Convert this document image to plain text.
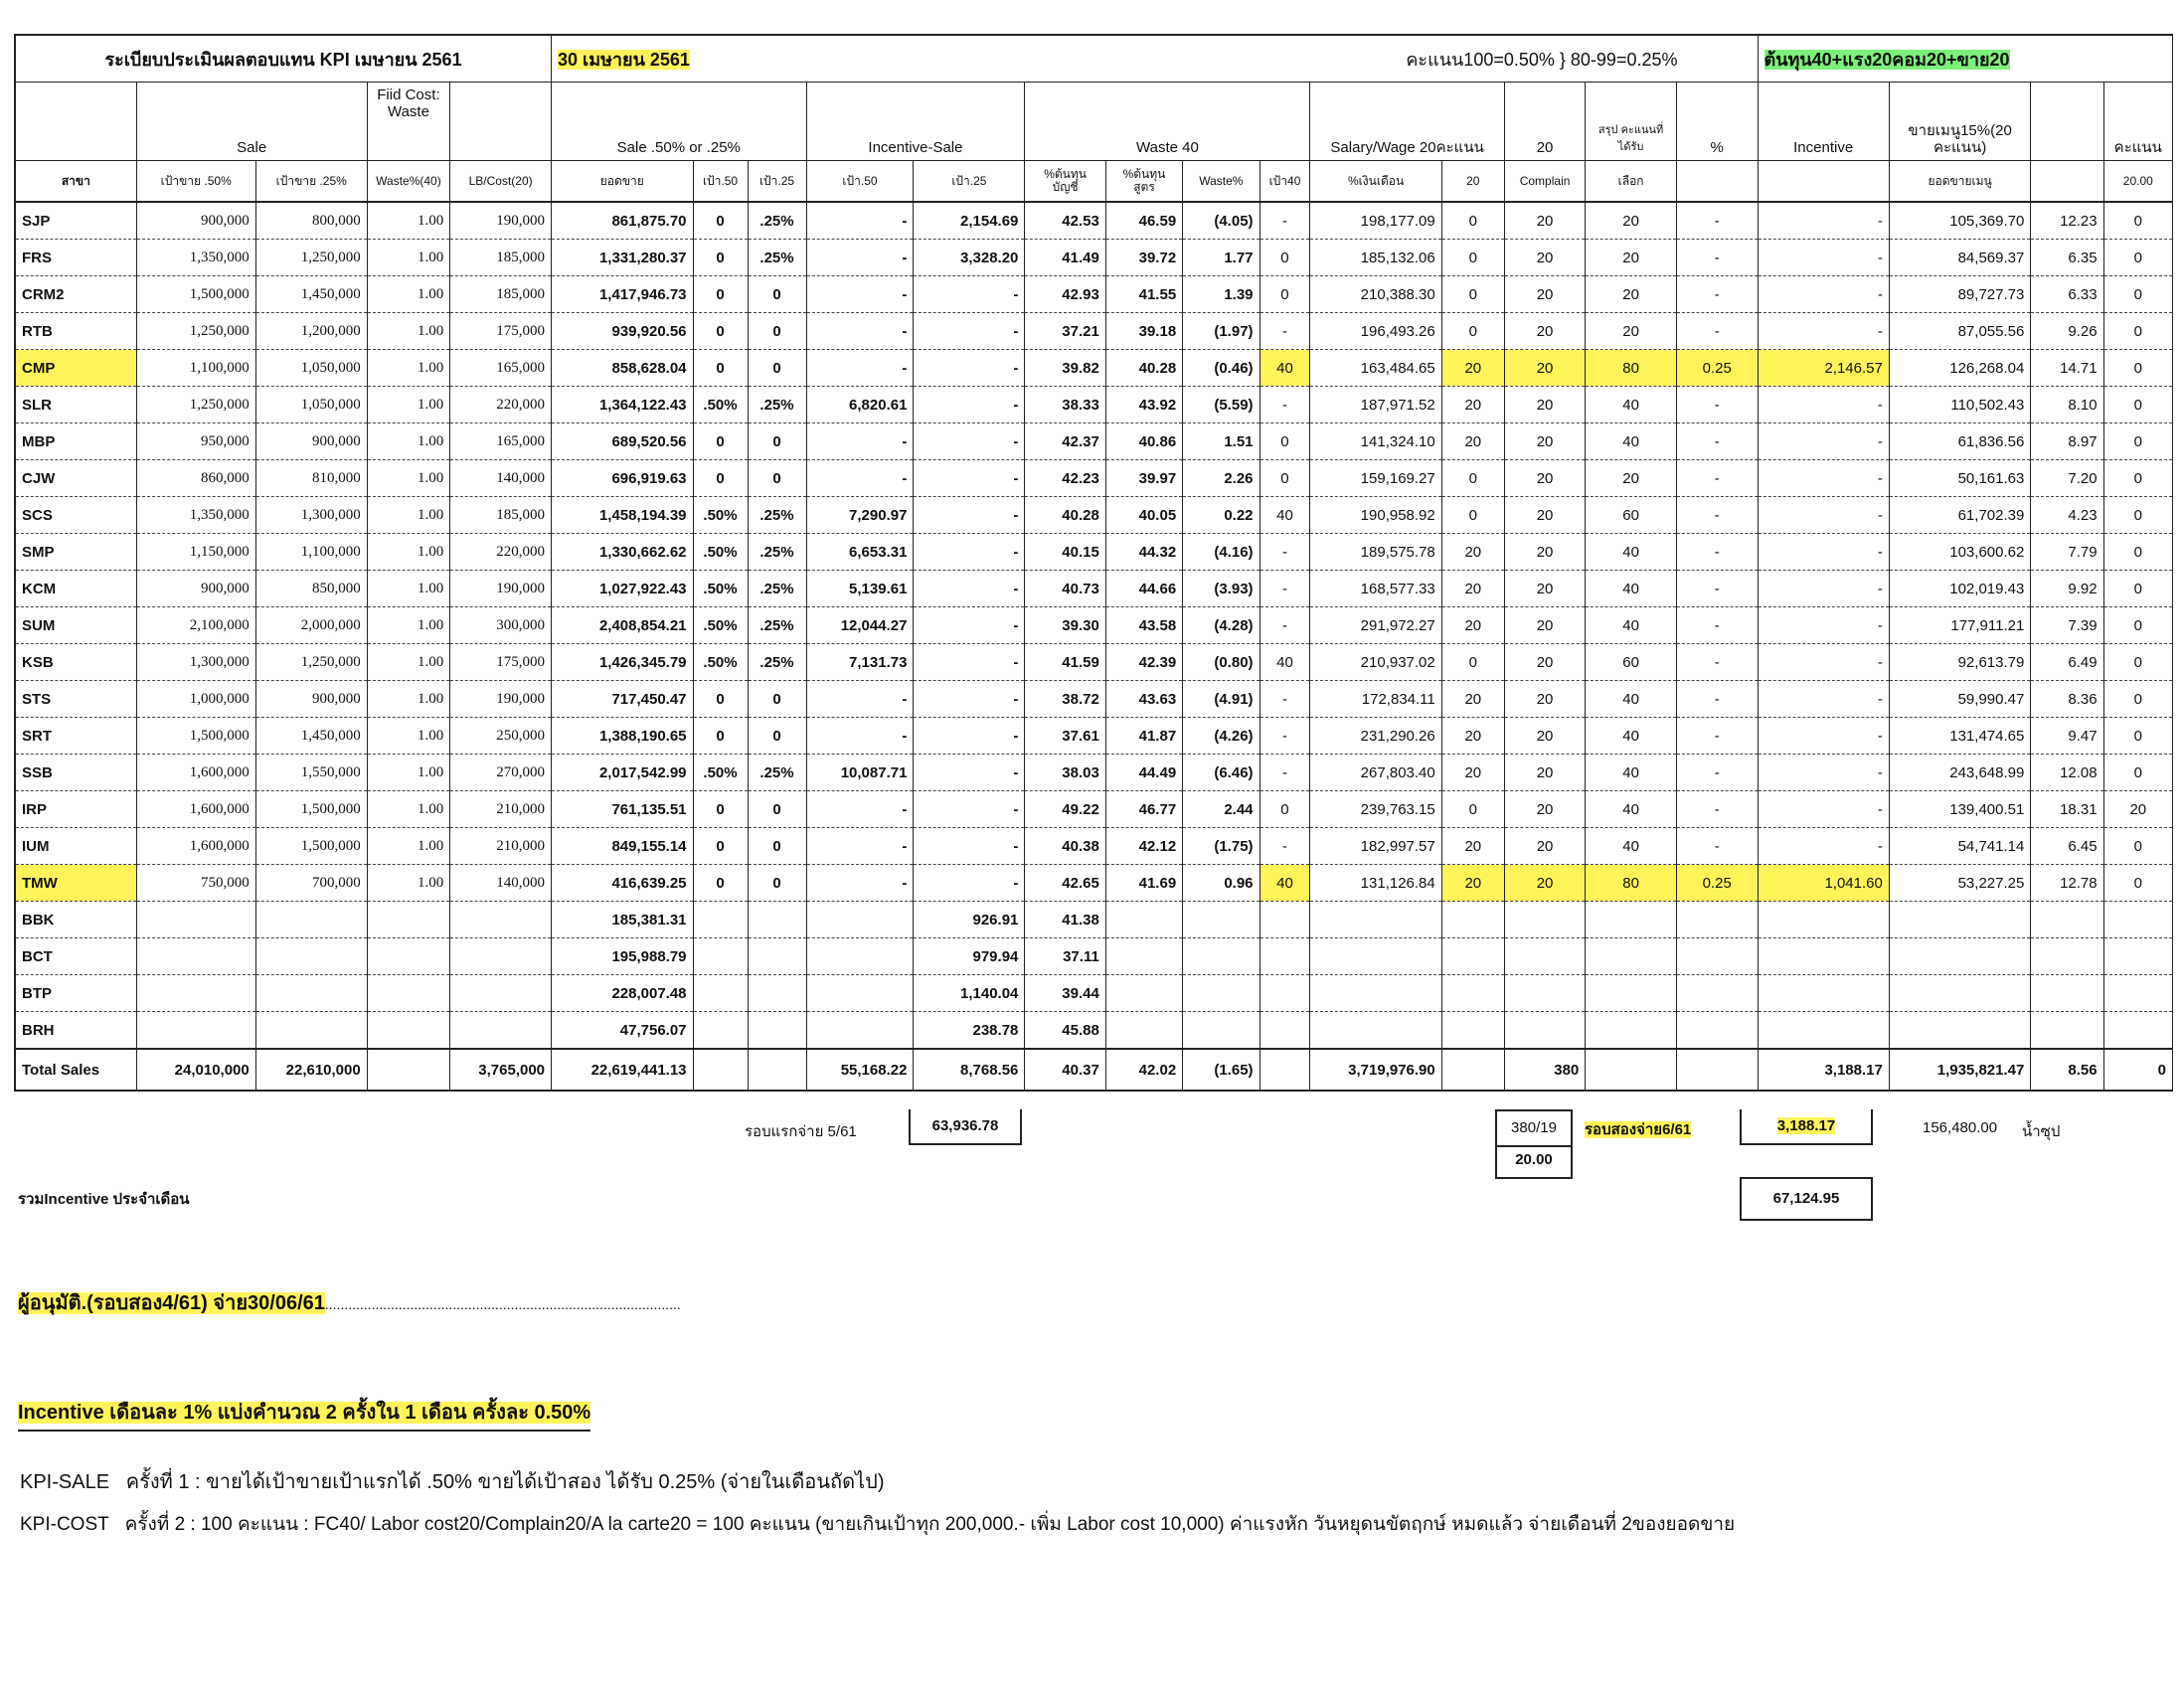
ระเบียบประเมินผลตอบแทน KPI เมษายน 2561					30 เมษายน 2561		คะแนน100=0.50% } 80-99=0.25%												ต้นทุน40+แรง20คอม20+ขาย20			
	Sale		Fiid Cost: Waste		Sale .50% or .25%			Incentive-Sale		Waste 40				Salary/Wage 20คะแนน		20	สรุป คะแนนที่ ได้รับ	%	Incentive	ขายเมนู15%(20 คะแนน)		คะแนน
สาขา	เป้าขาย .50%	เป้าขาย .25%	Waste%(40)	LB/Cost(20)	ยอดขาย	เป้า.50	เป้า.25	เป้า.50	เป้า.25	%ต้นทุน บัญชี	%ต้นทุน สูตร	Waste%	เป้า40	%เงินเดือน	20	Complain	เลือก			ยอดขายเมนู		20.00
SJP	900,000	800,000	1.00	190,000	861,875.70	0	.25%	-	2,154.69	42.53	46.59	(4.05)	-	198,177.09	0	20	20	-	-	105,369.70	12.23	0
FRS	1,350,000	1,250,000	1.00	185,000	1,331,280.37	0	.25%	-	3,328.20	41.49	39.72	1.77	0	185,132.06	0	20	20	-	-	84,569.37	6.35	0
CRM2	1,500,000	1,450,000	1.00	185,000	1,417,946.73	0	0	-	-	42.93	41.55	1.39	0	210,388.30	0	20	20	-	-	89,727.73	6.33	0
RTB	1,250,000	1,200,000	1.00	175,000	939,920.56	0	0	-	-	37.21	39.18	(1.97)	-	196,493.26	0	20	20	-	-	87,055.56	9.26	0
CMP	1,100,000	1,050,000	1.00	165,000	858,628.04	0	0	-	-	39.82	40.28	(0.46)	40	163,484.65	20	20	80	0.25	2,146.57	126,268.04	14.71	0
SLR	1,250,000	1,050,000	1.00	220,000	1,364,122.43	.50%	.25%	6,820.61	-	38.33	43.92	(5.59)	-	187,971.52	20	20	40	-	-	110,502.43	8.10	0
MBP	950,000	900,000	1.00	165,000	689,520.56	0	0	-	-	42.37	40.86	1.51	0	141,324.10	20	20	40	-	-	61,836.56	8.97	0
CJW	860,000	810,000	1.00	140,000	696,919.63	0	0	-	-	42.23	39.97	2.26	0	159,169.27	0	20	20	-	-	50,161.63	7.20	0
SCS	1,350,000	1,300,000	1.00	185,000	1,458,194.39	.50%	.25%	7,290.97	-	40.28	40.05	0.22	40	190,958.92	0	20	60	-	-	61,702.39	4.23	0
SMP	1,150,000	1,100,000	1.00	220,000	1,330,662.62	.50%	.25%	6,653.31	-	40.15	44.32	(4.16)	-	189,575.78	20	20	40	-	-	103,600.62	7.79	0
KCM	900,000	850,000	1.00	190,000	1,027,922.43	.50%	.25%	5,139.61	-	40.73	44.66	(3.93)	-	168,577.33	20	20	40	-	-	102,019.43	9.92	0
SUM	2,100,000	2,000,000	1.00	300,000	2,408,854.21	.50%	.25%	12,044.27	-	39.30	43.58	(4.28)	-	291,972.27	20	20	40	-	-	177,911.21	7.39	0
KSB	1,300,000	1,250,000	1.00	175,000	1,426,345.79	.50%	.25%	7,131.73	-	41.59	42.39	(0.80)	40	210,937.02	0	20	60	-	-	92,613.79	6.49	0
STS	1,000,000	900,000	1.00	190,000	717,450.47	0	0	-	-	38.72	43.63	(4.91)	-	172,834.11	20	20	40	-	-	59,990.47	8.36	0
SRT	1,500,000	1,450,000	1.00	250,000	1,388,190.65	0	0	-	-	37.61	41.87	(4.26)	-	231,290.26	20	20	40	-	-	131,474.65	9.47	0
SSB	1,600,000	1,550,000	1.00	270,000	2,017,542.99	.50%	.25%	10,087.71	-	38.03	44.49	(6.46)	-	267,803.40	20	20	40	-	-	243,648.99	12.08	0
IRP	1,600,000	1,500,000	1.00	210,000	761,135.51	0	0	-	-	49.22	46.77	2.44	0	239,763.15	0	20	40	-	-	139,400.51	18.31	20
IUM	1,600,000	1,500,000	1.00	210,000	849,155.14	0	0	-	-	40.38	42.12	(1.75)	-	182,997.57	20	20	40	-	-	54,741.14	6.45	0
TMW	750,000	700,000	1.00	140,000	416,639.25	0	0	-	-	42.65	41.69	0.96	40	131,126.84	20	20	80	0.25	1,041.60	53,227.25	12.78	0
BBK					185,381.31				926.91	41.38												
BCT					195,988.79				979.94	37.11												
BTP					228,007.48				1,140.04	39.44												
BRH					47,756.07				238.78	45.88												
Total Sales	24,010,000	22,610,000		3,765,000	22,619,441.13			55,168.22	8,768.56	40.37	42.02	(1.65)		3,719,976.90		380			3,188.17	1,935,821.47	8.56	0
รอบแรกจ่าย 5/61	63,936.78	380/19
20.00
รอบสองจ่าย6/61	3,188.17	156,480.00 น้ำซุป
รวมIncentive ประจำเดือน	67,124.95
ผู้อนุมัติ.(รอบสอง4/61) จ่าย30/06/61............................................................................................
Incentive เดือนละ 1% แบ่งคำนวณ 2 ครั้งใน 1 เดือน ครั้งละ 0.50%
KPI-SALE ครั้งที่ 1 : ขายได้เป้าขายเป้าแรกได้ .50% ขายได้เป้าสอง ได้รับ 0.25% (จ่ายในเดือนถัดไป)
KPI-COST ครั้งที่ 2 : 100 คะแนน : FC40/ Labor cost20/Complain20/A la carte20 = 100 คะแนน (ขายเกินเป้าทุก 200,000.- เพิ่ม Labor cost 10,000) ค่าแรงหัก วันหยุดนขัตฤกษ์ หมดแล้ว จ่ายเดือนที่ 2ของยอดขาย
